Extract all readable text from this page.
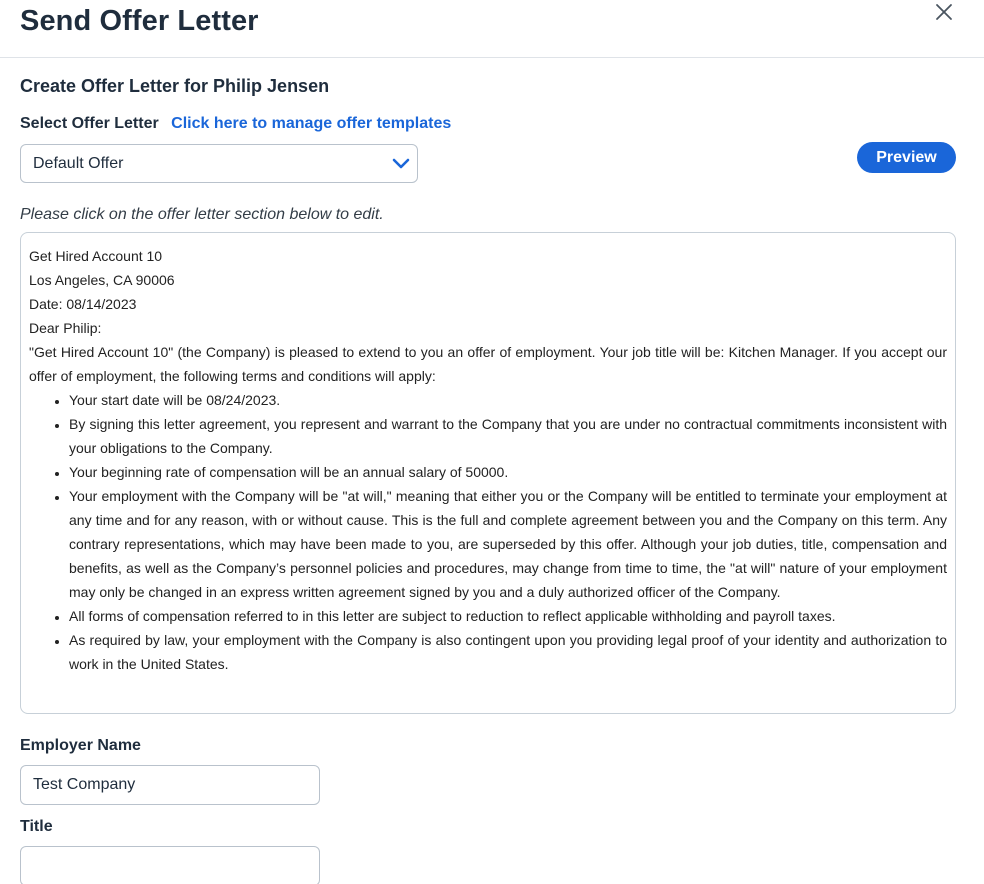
Send Offer Letter
Create Offer Letter for Philip Jensen
Select Offer Letter Click here to manage offer templates
Default Offer	Preview
Please click on the offer letter section below to edit.

Get Hired Account 10

Los Angeles, CA 90006

Date: 08/14/2023

Dear Philip:

"Get Hired Account 10" (the Company) is pleased to extend to you an offer of employment. Your job title will be: Kitchen Manager. If you accept our offer of employment, the following terms and conditions will apply:

• Your start date will be 08/24/2023.
• By signing this letter agreement, you represent and warrant to the Company that you are under no contractual commitments inconsistent with your obligations to the Company.
• Your beginning rate of compensation will be an annual salary of 50000.
• Your employment with the Company will be "at will," meaning that either you or the Company will be entitled to terminate your employment at any time and for any reason, with or without cause. This is the full and complete agreement between you and the Company on this term. Any contrary representations, which may have been made to you, are superseded by this offer. Although your job duties, title, compensation and benefits, as well as the Company’s personnel policies and procedures, may change from time to time, the "at will" nature of your employment may only be changed in an express written agreement signed by you and a duly authorized officer of the Company.
• All forms of compensation referred to in this letter are subject to reduction to reflect applicable withholding and payroll taxes.
• As required by law, your employment with the Company is also contingent upon you providing legal proof of your identity and authorization to work in the United States.
Employer Name
Test Company
Title
